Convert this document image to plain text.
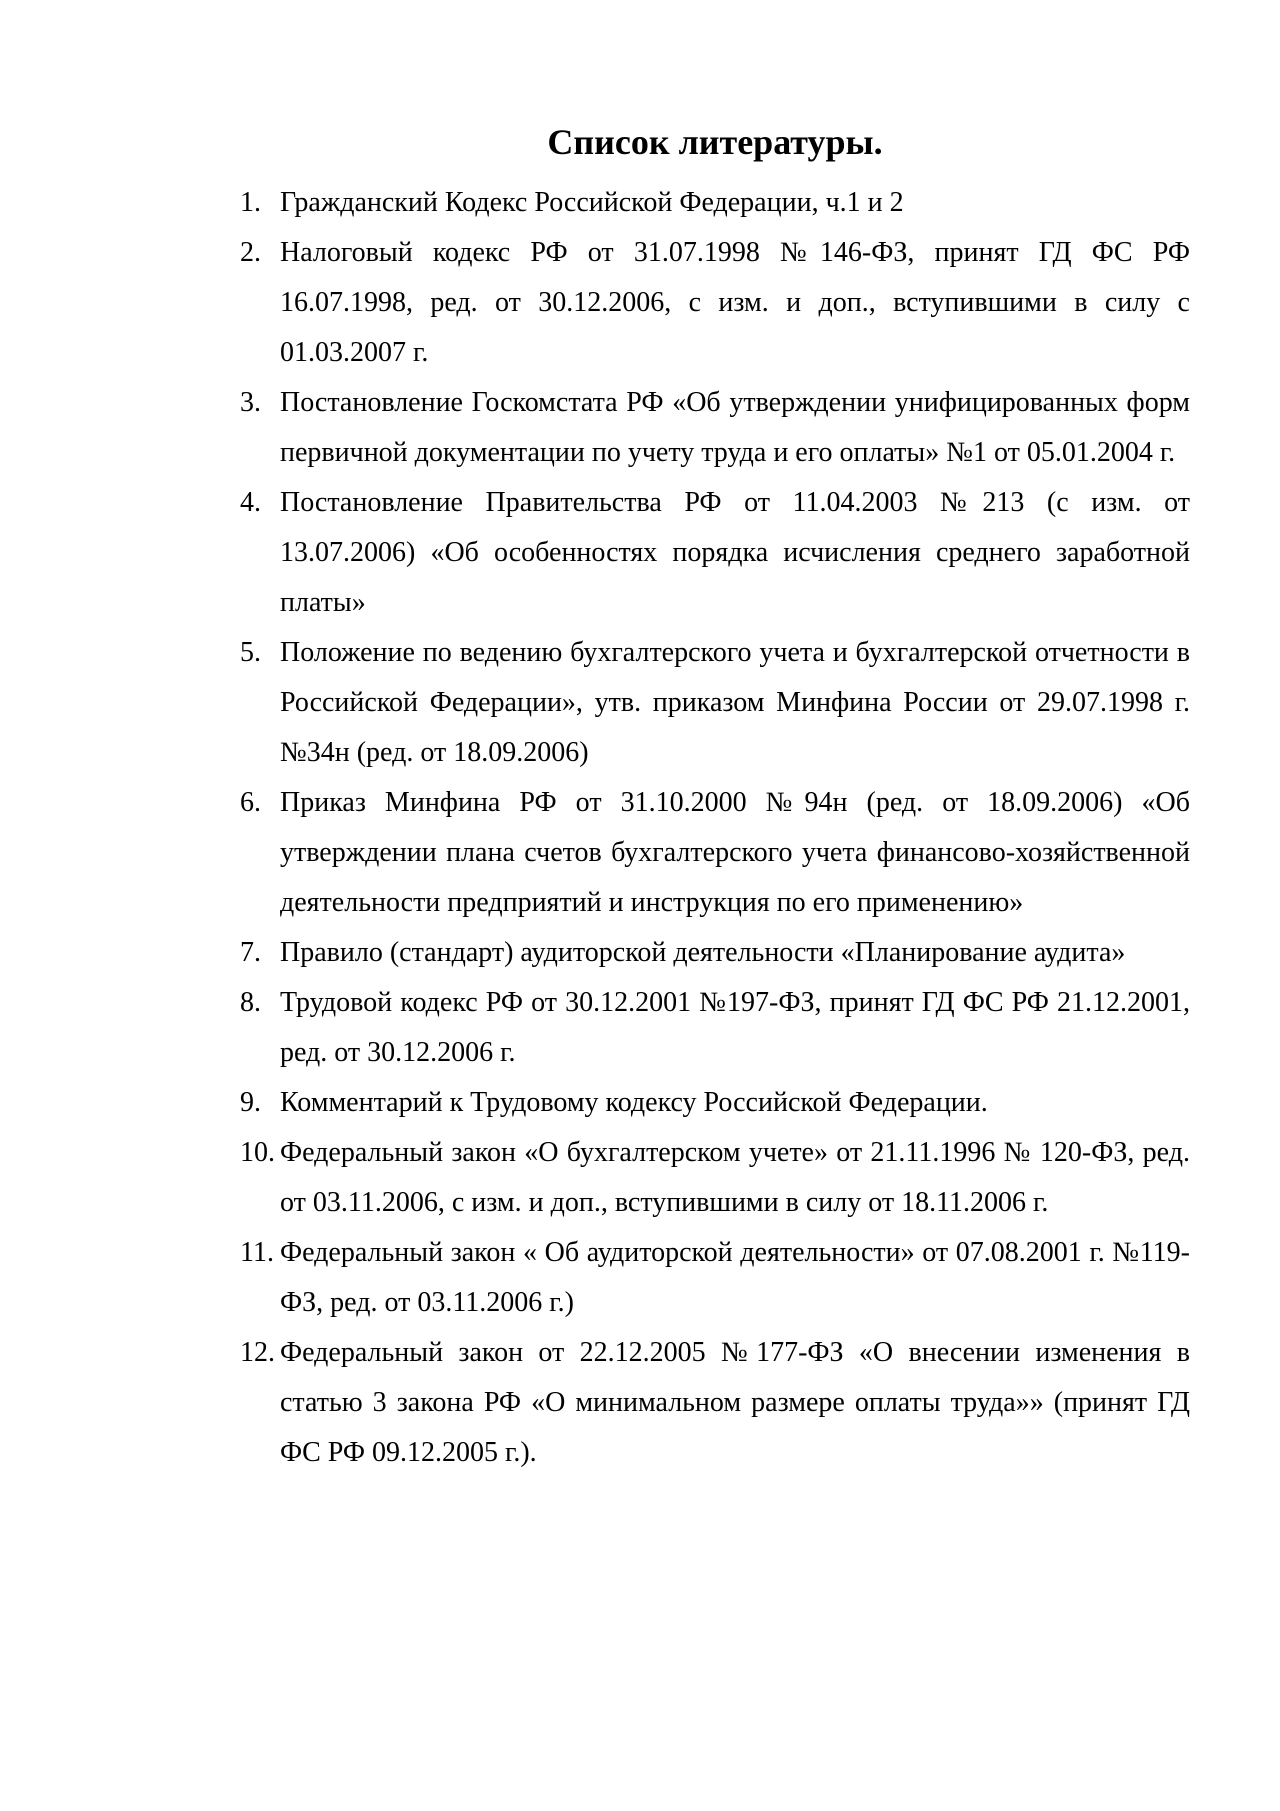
Список литературы.
1. Гражданский Кодекс Российской Федерации, ч.1 и 2
2. Налоговый кодекс РФ от 31.07.1998 №146-ФЗ, принят ГД ФС РФ 16.07.1998, ред. от 30.12.2006, с изм. и доп., вступившими в силу с 01.03.2007 г.
3. Постановление Госкомстата РФ «Об утверждении унифицированных форм первичной документации по учету труда и его оплаты» №1 от 05.01.2004 г.
4. Постановление Правительства РФ от 11.04.2003 №213 (с изм. от 13.07.2006) «Об особенностях порядка исчисления среднего заработной платы»
5. Положение по ведению бухгалтерского учета и бухгалтерской отчетности в Российской Федерации», утв. приказом Минфина России от 29.07.1998 г. №34н (ред. от 18.09.2006)
6. Приказ Минфина РФ от 31.10.2000 №94н (ред. от 18.09.2006) «Об утверждении плана счетов бухгалтерского учета финансово-хозяйственной деятельности предприятий и инструкция по его применению»
7. Правило (стандарт) аудиторской деятельности «Планирование аудита»
8. Трудовой кодекс РФ от 30.12.2001 №197-ФЗ, принят ГД ФС РФ 21.12.2001, ред. от 30.12.2006 г.
9. Комментарий к Трудовому кодексу Российской Федерации.
10. Федеральный закон «О бухгалтерском учете» от 21.11.1996 № 120-ФЗ, ред. от 03.11.2006, с изм. и доп., вступившими в силу от 18.11.2006 г.
11. Федеральный закон « Об аудиторской деятельности» от 07.08.2001 г. №119-ФЗ, ред. от 03.11.2006 г.)
12. Федеральный закон от 22.12.2005 №177-ФЗ «О внесении изменения в статью 3 закона РФ «О минимальном размере оплаты труда»» (принят ГД ФС РФ 09.12.2005 г.).
